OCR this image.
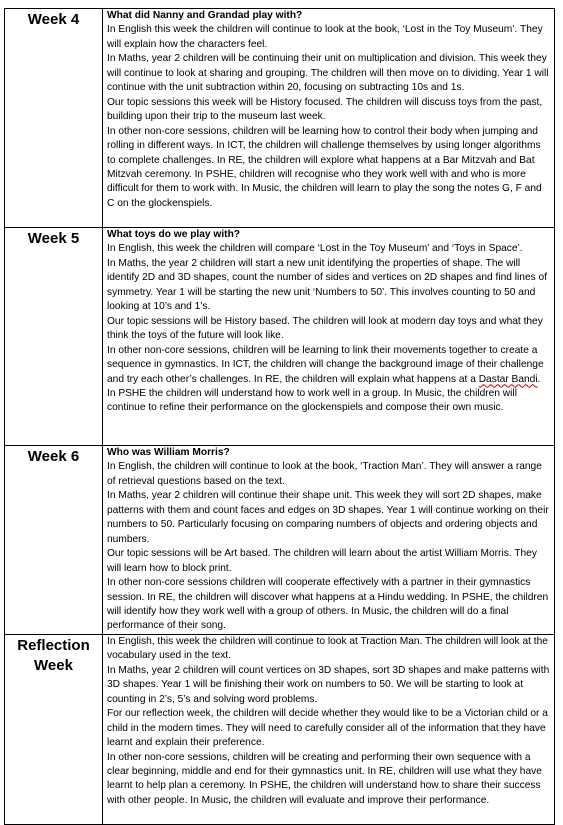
Week 4	What did Nanny and Grandad play with?
In English this week the children will continue to look at the book, ‘Lost in the Toy Museum’. They will explain how the characters feel.
In Maths, year 2 children will be continuing their unit on multiplication and division. This week they will continue to look at sharing and grouping. The children will then move on to dividing. Year 1 will continue with the unit subtraction within 20, focusing on subtracting 10s and 1s.
Our topic sessions this week will be History focused. The children will discuss toys from the past, building upon their trip to the museum last week.
In other non-core sessions, children will be learning how to control their body when jumping and rolling in different ways. In ICT, the children will challenge themselves by using longer algorithms to complete challenges. In RE, the children will explore what happens at a Bar Mitzvah and Bat Mitzvah ceremony. In PSHE, children will recognise who they work well with and who is more difficult for them to work with. In Music, the children will learn to play the song the notes G, F and C on the glockenspiels.

Week 5	What toys do we play with?
In English, this week the children will compare ‘Lost in the Toy Museum’ and ‘Toys in Space’.
In Maths, the year 2 children will start a new unit identifying the properties of shape. The will identify 2D and 3D shapes, count the number of sides and vertices on 2D shapes and find lines of symmetry. Year 1 will be starting the new unit ‘Numbers to 50’. This involves counting to 50 and looking at 10’s and 1’s.
Our topic sessions will be History based. The children will look at modern day toys and what they think the toys of the future will look like.
In other non-core sessions, children will be learning to link their movements together to create a sequence in gymnastics. In ICT, the children will change the background image of their challenge and try each other’s challenges. In RE, the children will explain what happens at a Dastar Bandi. In PSHE the children will understand how to work well in a group. In Music, the children will continue to refine their performance on the glockenspiels and compose their own music.

Week 6	Who was William Morris?
In English, the children will continue to look at the book, ‘Traction Man’. They will answer a range of retrieval questions based on the text.
In Maths, year 2 children will continue their shape unit. This week they will sort 2D shapes, make patterns with them and count faces and edges on 3D shapes. Year 1 will continue working on their numbers to 50. Particularly focusing on comparing numbers of objects and ordering objects and numbers.
Our topic sessions will be Art based. The children will learn about the artist William Morris. They will learn how to block print.
In other non-core sessions children will cooperate effectively with a partner in their gymnastics session. In RE, the children will discover what happens at a Hindu wedding. In PSHE, the children will identify how they work well with a group of others. In Music, the children will do a final performance of their song.

Reflection
Week	In English, this week the children will continue to look at Traction Man. The children will look at the vocabulary used in the text.
In Maths, year 2 children will count vertices on 3D shapes, sort 3D shapes and make patterns with 3D shapes. Year 1 will be finishing their work on numbers to 50. We will be starting to look at counting in 2’s, 5’s and solving word problems.
For our reflection week, the children will decide whether they would like to be a Victorian child or a child in the modern times. They will need to carefully consider all of the information that they have learnt and explain their preference.
In other non-core sessions, children will be creating and performing their own sequence with a clear beginning, middle and end for their gymnastics unit. In RE, children will use what they have learnt to help plan a ceremony. In PSHE, the children will understand how to share their success with other people. In Music, the children will evaluate and improve their performance.
